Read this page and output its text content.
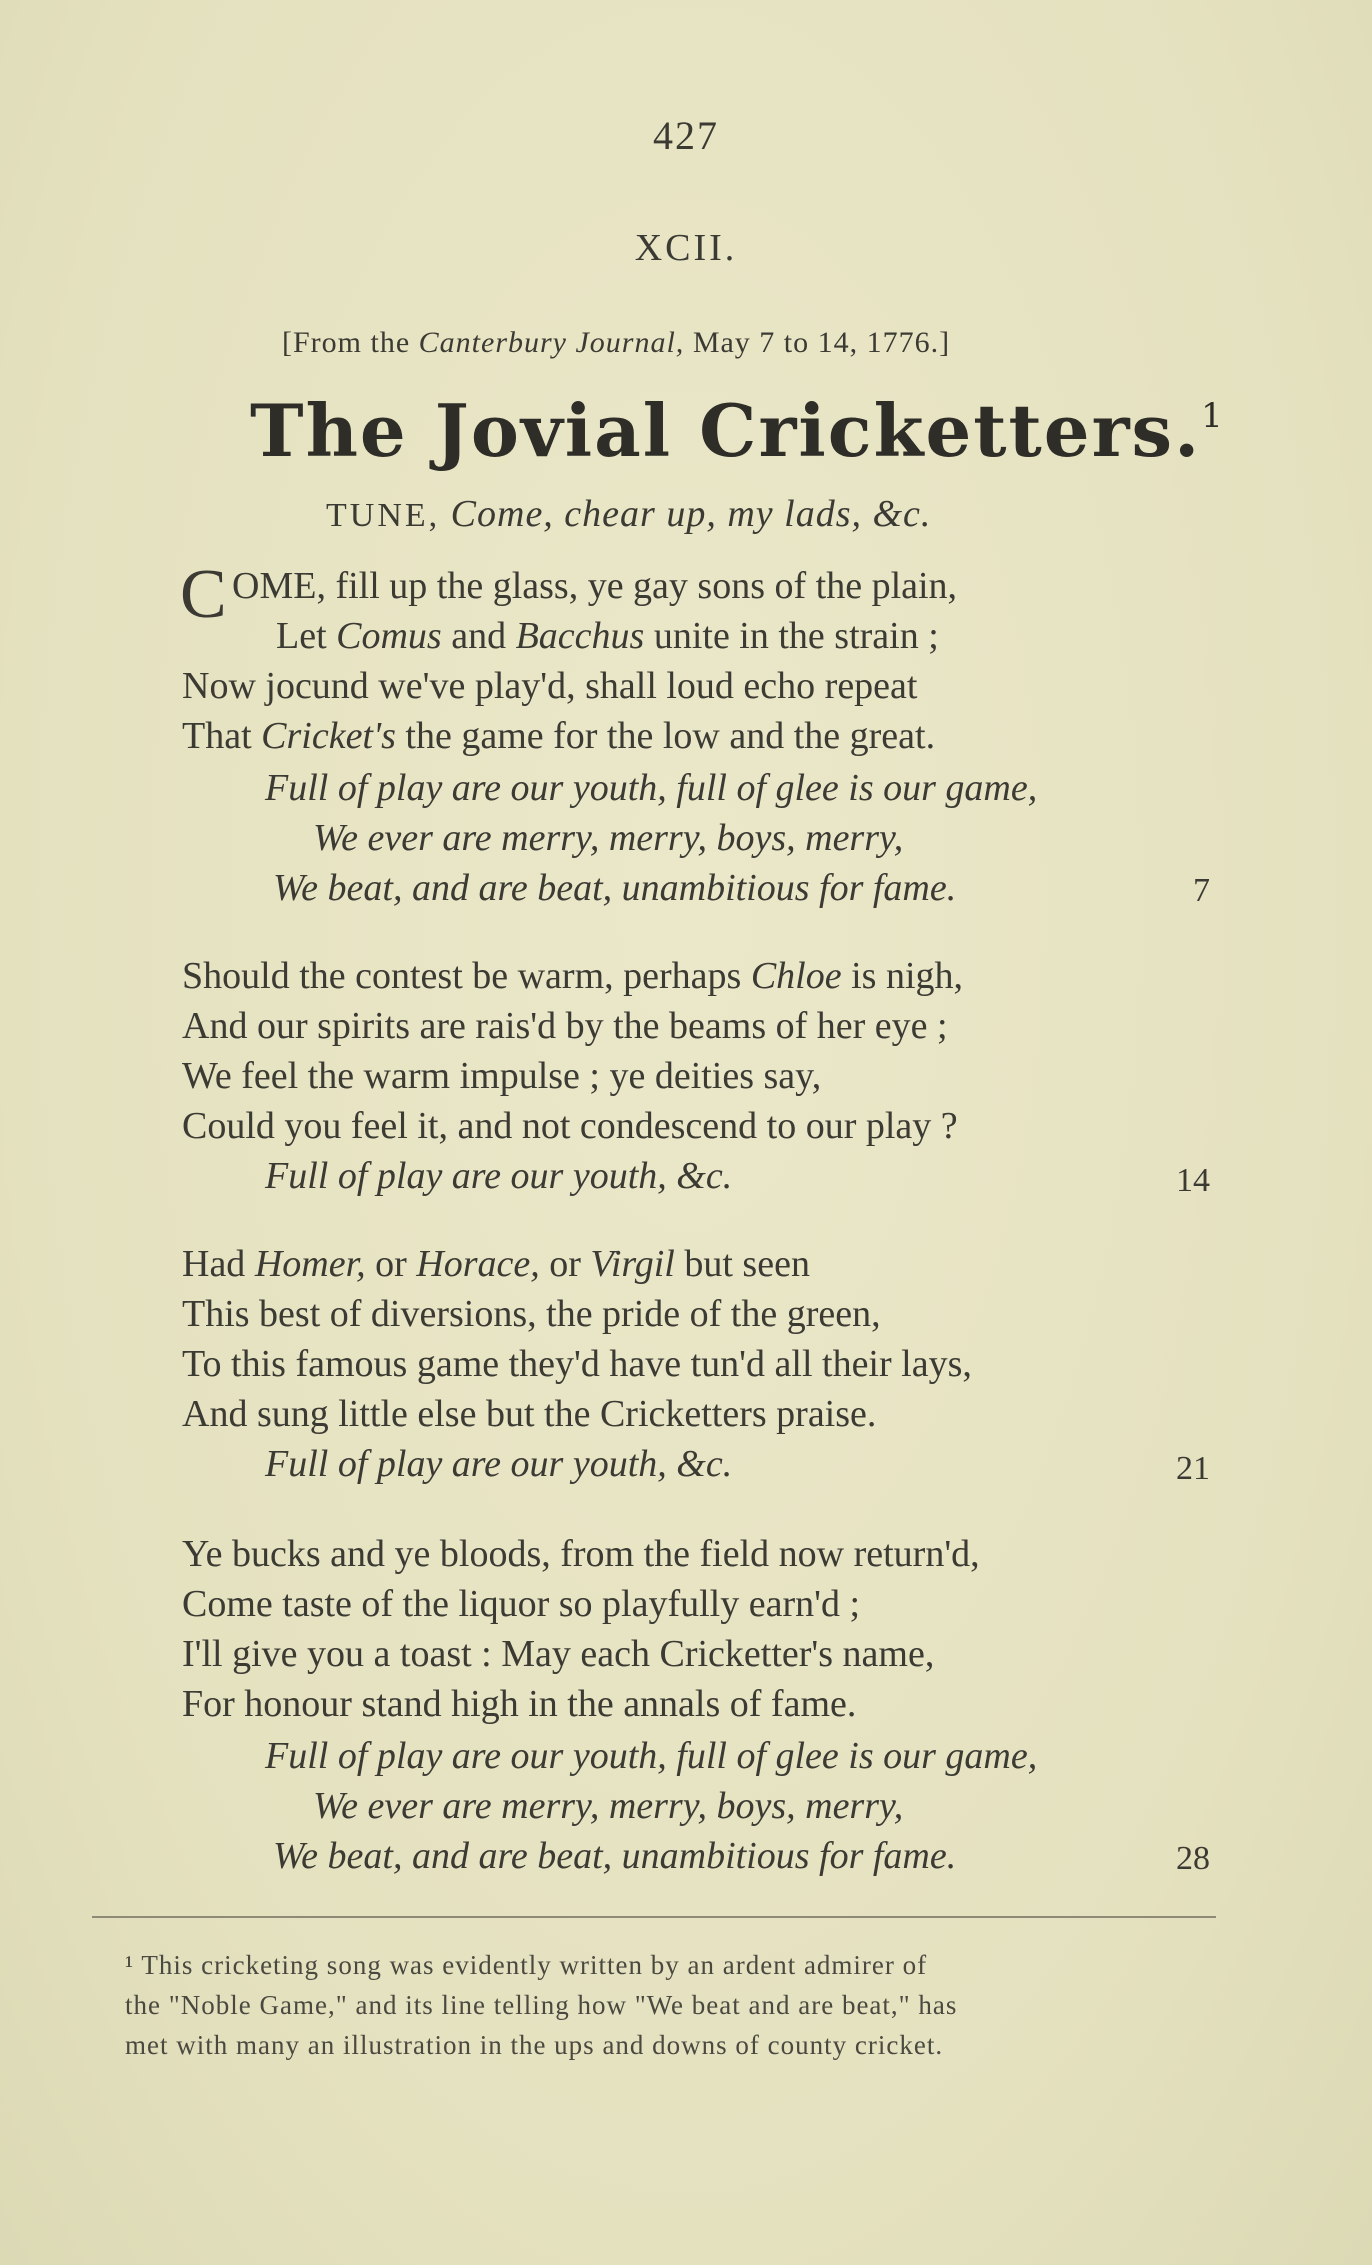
427
XCII.
[From the Canterbury Journal, May 7 to 14, 1776.]
The Jovial Cricketters.$^1$
TUNE, Come, chear up, my lads, &c.
C OME, fill up the glass, ye gay sons of the plain,
Let Comus and Bacchus unite in the strain ;
Now jocund we've play'd, shall loud echo repeat
That Cricket's the game for the low and the great.
Full of play are our youth, full of glee is our game,
We ever are merry, merry, boys, merry,
We beat, and are beat, unambitious for fame.	7
Should the contest be warm, perhaps Chloe is nigh,
And our spirits are rais'd by the beams of her eye ;
We feel the warm impulse ; ye deities say,
Could you feel it, and not condescend to our play ?
Full of play are our youth, &c.	14
Had Homer, or Horace, or Virgil but seen
This best of diversions, the pride of the green,
To this famous game they'd have tun'd all their lays,
And sung little else but the Cricketters praise.
Full of play are our youth, &c.	21
Ye bucks and ye bloods, from the field now return'd,
Come taste of the liquor so playfully earn'd ;
I'll give you a toast : May each Cricketter's name,
For honour stand high in the annals of fame.
Full of play are our youth, full of glee is our game,
We ever are merry, merry, boys, merry,
We beat, and are beat, unambitious for fame.	28
¹ This cricketing song was evidently written by an ardent admirer of
the "Noble Game," and its line telling how "We beat and are beat," has
met with many an illustration in the ups and downs of county cricket.
